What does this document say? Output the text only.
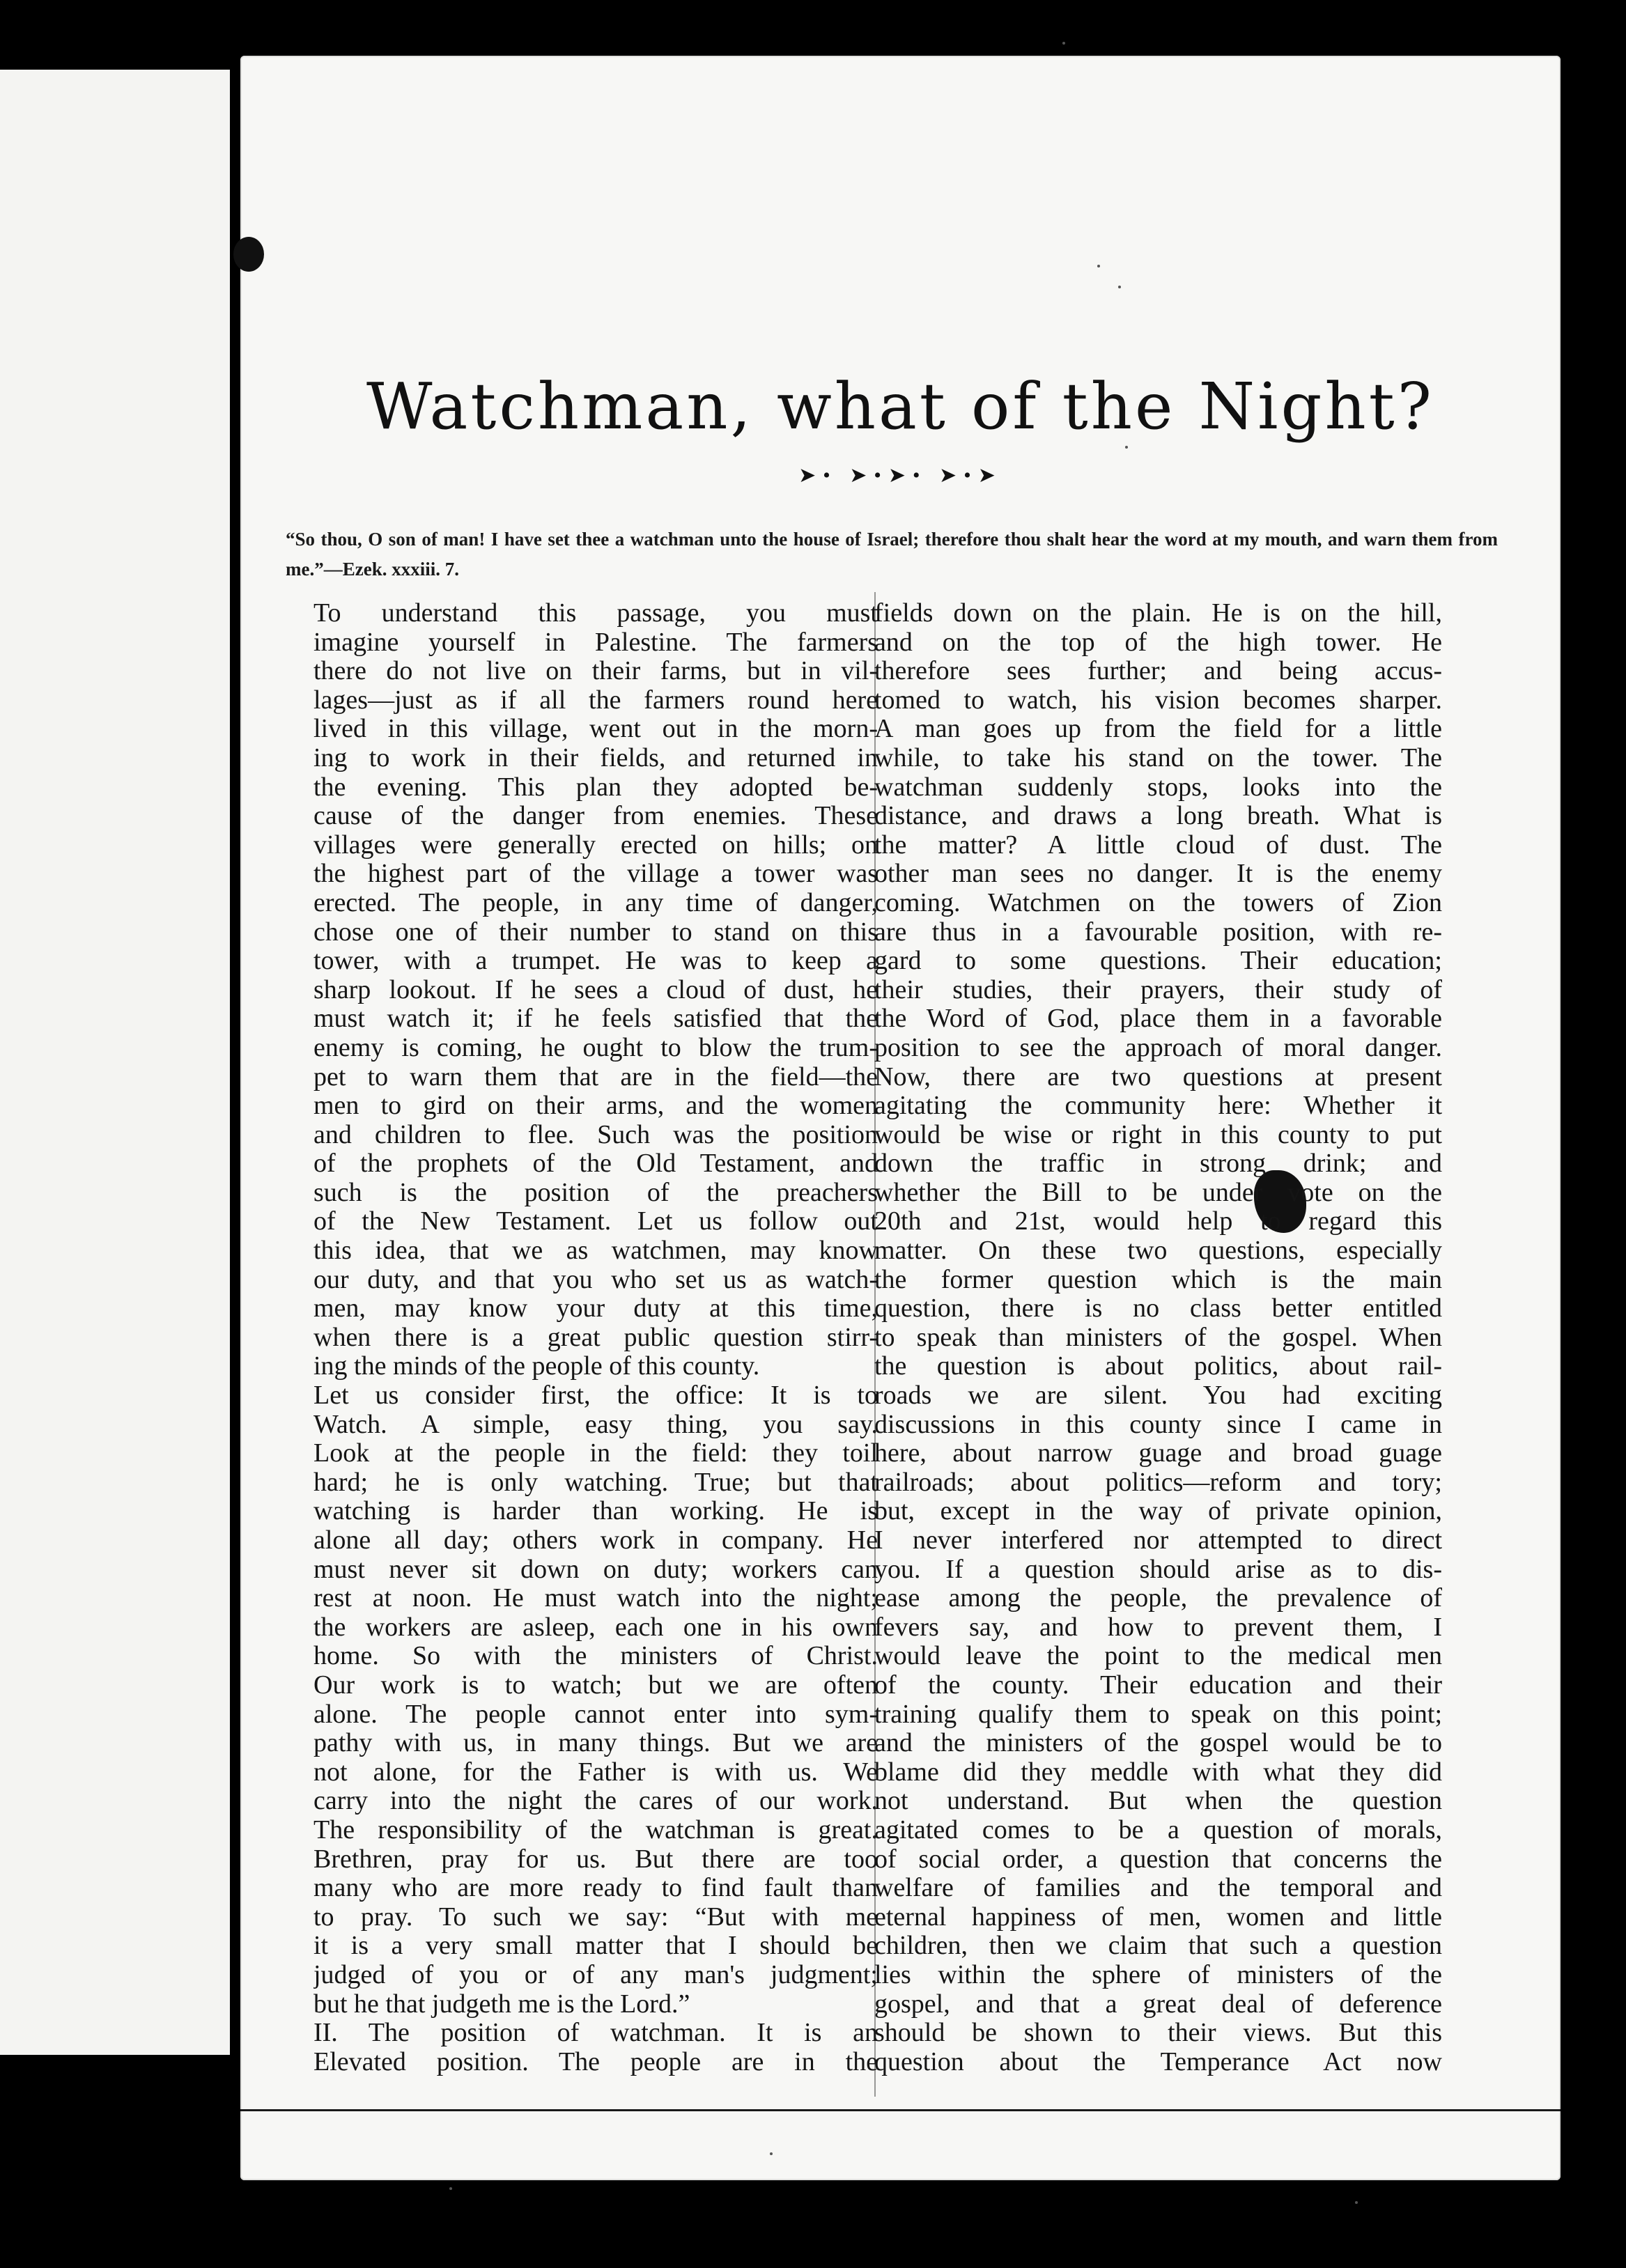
Watchman, what of the Night?
➤• ➤•➤• ➤•➤
“So thou, O son of man! I have set thee a watchman unto the house of Israel; therefore thou shalt hear the word at my mouth, and warn them from me.”—Ezek. xxxiii. 7.
To understand this passage, you must
imagine yourself in Palestine. The farmers
there do not live on their farms, but in vil-
lages—just as if all the farmers round here
lived in this village, went out in the morn-
ing to work in their fields, and returned in
the evening. This plan they adopted be-
cause of the danger from enemies. These
villages were generally erected on hills; on
the highest part of the village a tower was
erected. The people, in any time of danger,
chose one of their number to stand on this
tower, with a trumpet. He was to keep a
sharp lookout. If he sees a cloud of dust, he
must watch it; if he feels satisfied that the
enemy is coming, he ought to blow the trum-
pet to warn them that are in the field—the
men to gird on their arms, and the women
and children to flee. Such was the position
of the prophets of the Old Testament, and
such is the position of the preachers
of the New Testament. Let us follow out
this idea, that we as watchmen, may know
our duty, and that you who set us as watch-
men, may know your duty at this time,
when there is a great public question stirr-
ing the minds of the people of this county.
Let us consider first, the office: It is to
Watch. A simple, easy thing, you say.
Look at the people in the field: they toil
hard; he is only watching. True; but that
watching is harder than working. He is
alone all day; others work in company. He
must never sit down on duty; workers can
rest at noon. He must watch into the night;
the workers are asleep, each one in his own
home. So with the ministers of Christ.
Our work is to watch; but we are often
alone. The people cannot enter into sym-
pathy with us, in many things. But we are
not alone, for the Father is with us. We
carry into the night the cares of our work.
The responsibility of the watchman is great.
Brethren, pray for us. But there are too
many who are more ready to find fault than
to pray. To such we say: “But with me
it is a very small matter that I should be
judged of you or of any man's judgment;
but he that judgeth me is the Lord.”
II. The position of watchman. It is an
Elevated position. The people are in the
fields down on the plain. He is on the hill,
and on the top of the high tower. He
therefore sees further; and being accus-
tomed to watch, his vision becomes sharper.
A man goes up from the field for a little
while, to take his stand on the tower. The
watchman suddenly stops, looks into the
distance, and draws a long breath. What is
the matter? A little cloud of dust. The
other man sees no danger. It is the enemy
coming. Watchmen on the towers of Zion
are thus in a favourable position, with re-
gard to some questions. Their education;
their studies, their prayers, their study of
the Word of God, place them in a favorable
position to see the approach of moral danger.
Now, there are two questions at present
agitating the community here: Whether it
would be wise or right in this county to put
down the traffic in strong drink; and
whether the Bill to be under vote on the
20th and 21st, would help to regard this
matter. On these two questions, especially
the former question which is the main
question, there is no class better entitled
to speak than ministers of the gospel. When
the question is about politics, about rail-
roads we are silent. You had exciting
discussions in this county since I came in
here, about narrow guage and broad guage
railroads; about politics—reform and tory;
but, except in the way of private opinion,
I never interfered nor attempted to direct
you. If a question should arise as to dis-
ease among the people, the prevalence of
fevers say, and how to prevent them, I
would leave the point to the medical men
of the county. Their education and their
training qualify them to speak on this point;
and the ministers of the gospel would be to
blame did they meddle with what they did
not understand. But when the question
agitated comes to be a question of morals,
of social order, a question that concerns the
welfare of families and the temporal and
eternal happiness of men, women and little
children, then we claim that such a question
lies within the sphere of ministers of the
gospel, and that a great deal of deference
should be shown to their views. But this
question about the Temperance Act now
